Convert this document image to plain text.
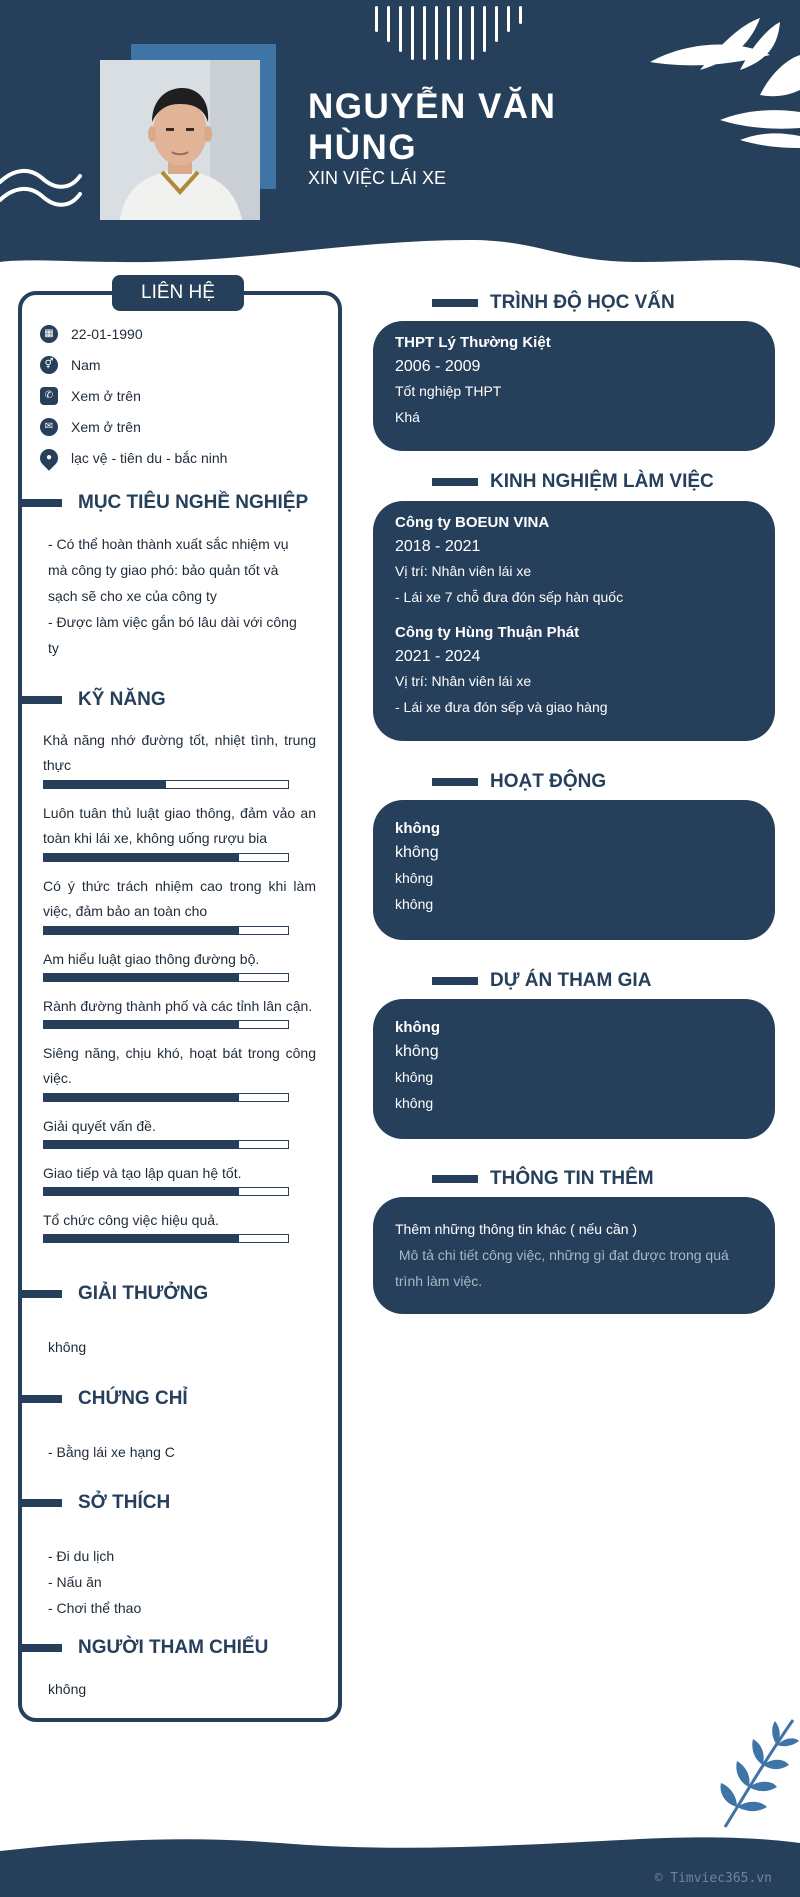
NGUYỄN VĂN HÙNG
XIN VIỆC LÁI XE
LIÊN HỆ
▦	22-01-1990
⚥	Nam
✆	Xem ở trên
✉	Xem ở trên
● lạc vệ - tiên du - bắc ninh
MỤC TIÊU NGHỀ NGHIỆP
- Có thể hoàn thành xuất sắc nhiệm vụ
mà công ty giao phó: bảo quản tốt và
sạch sẽ cho xe của công ty
- Được làm việc gắn bó lâu dài với công
ty
KỸ NĂNG
Khả năng nhớ đường tốt, nhiệt tình, trung thực
Luôn tuân thủ luật giao thông, đảm vảo an toàn khi lái xe, không uống rượu bia
Có ý thức trách nhiệm cao trong khi làm việc, đảm bảo an toàn cho
Am hiểu luật giao thông đường bộ.
Rành đường thành phố và các tỉnh lân cận.
Siêng năng, chịu khó, hoạt bát trong công việc.
Giải quyết vấn đề.
Giao tiếp và tạo lập quan hệ tốt.
Tổ chức công việc hiệu quả.
GIẢI THƯỞNG
không
CHỨNG CHỈ
- Bằng lái xe hạng C
SỞ THÍCH
- Đi du lịch
- Nấu ăn
- Chơi thể thao
NGƯỜI THAM CHIẾU
không
TRÌNH ĐỘ HỌC VẤN
THPT Lý Thường Kiệt
2006 - 2009
Tốt nghiệp THPT
Khá
KINH NGHIỆM LÀM VIỆC
Công ty BOEUN VINA
2018 - 2021
Vị trí: Nhân viên lái xe
- Lái xe 7 chỗ đưa đón sếp hàn quốc
Công ty Hùng Thuận Phát
2021 - 2024
Vị trí: Nhân viên lái xe
- Lái xe đưa đón sếp và giao hàng
HOẠT ĐỘNG
không
không
không
không
DỰ ÁN THAM GIA
không
không
không
không
THÔNG TIN THÊM
Thêm những thông tin khác ( nếu cần )
Mô tả chi tiết công việc, những gì đạt được trong quá
trình làm việc.
© Timviec365.vn
